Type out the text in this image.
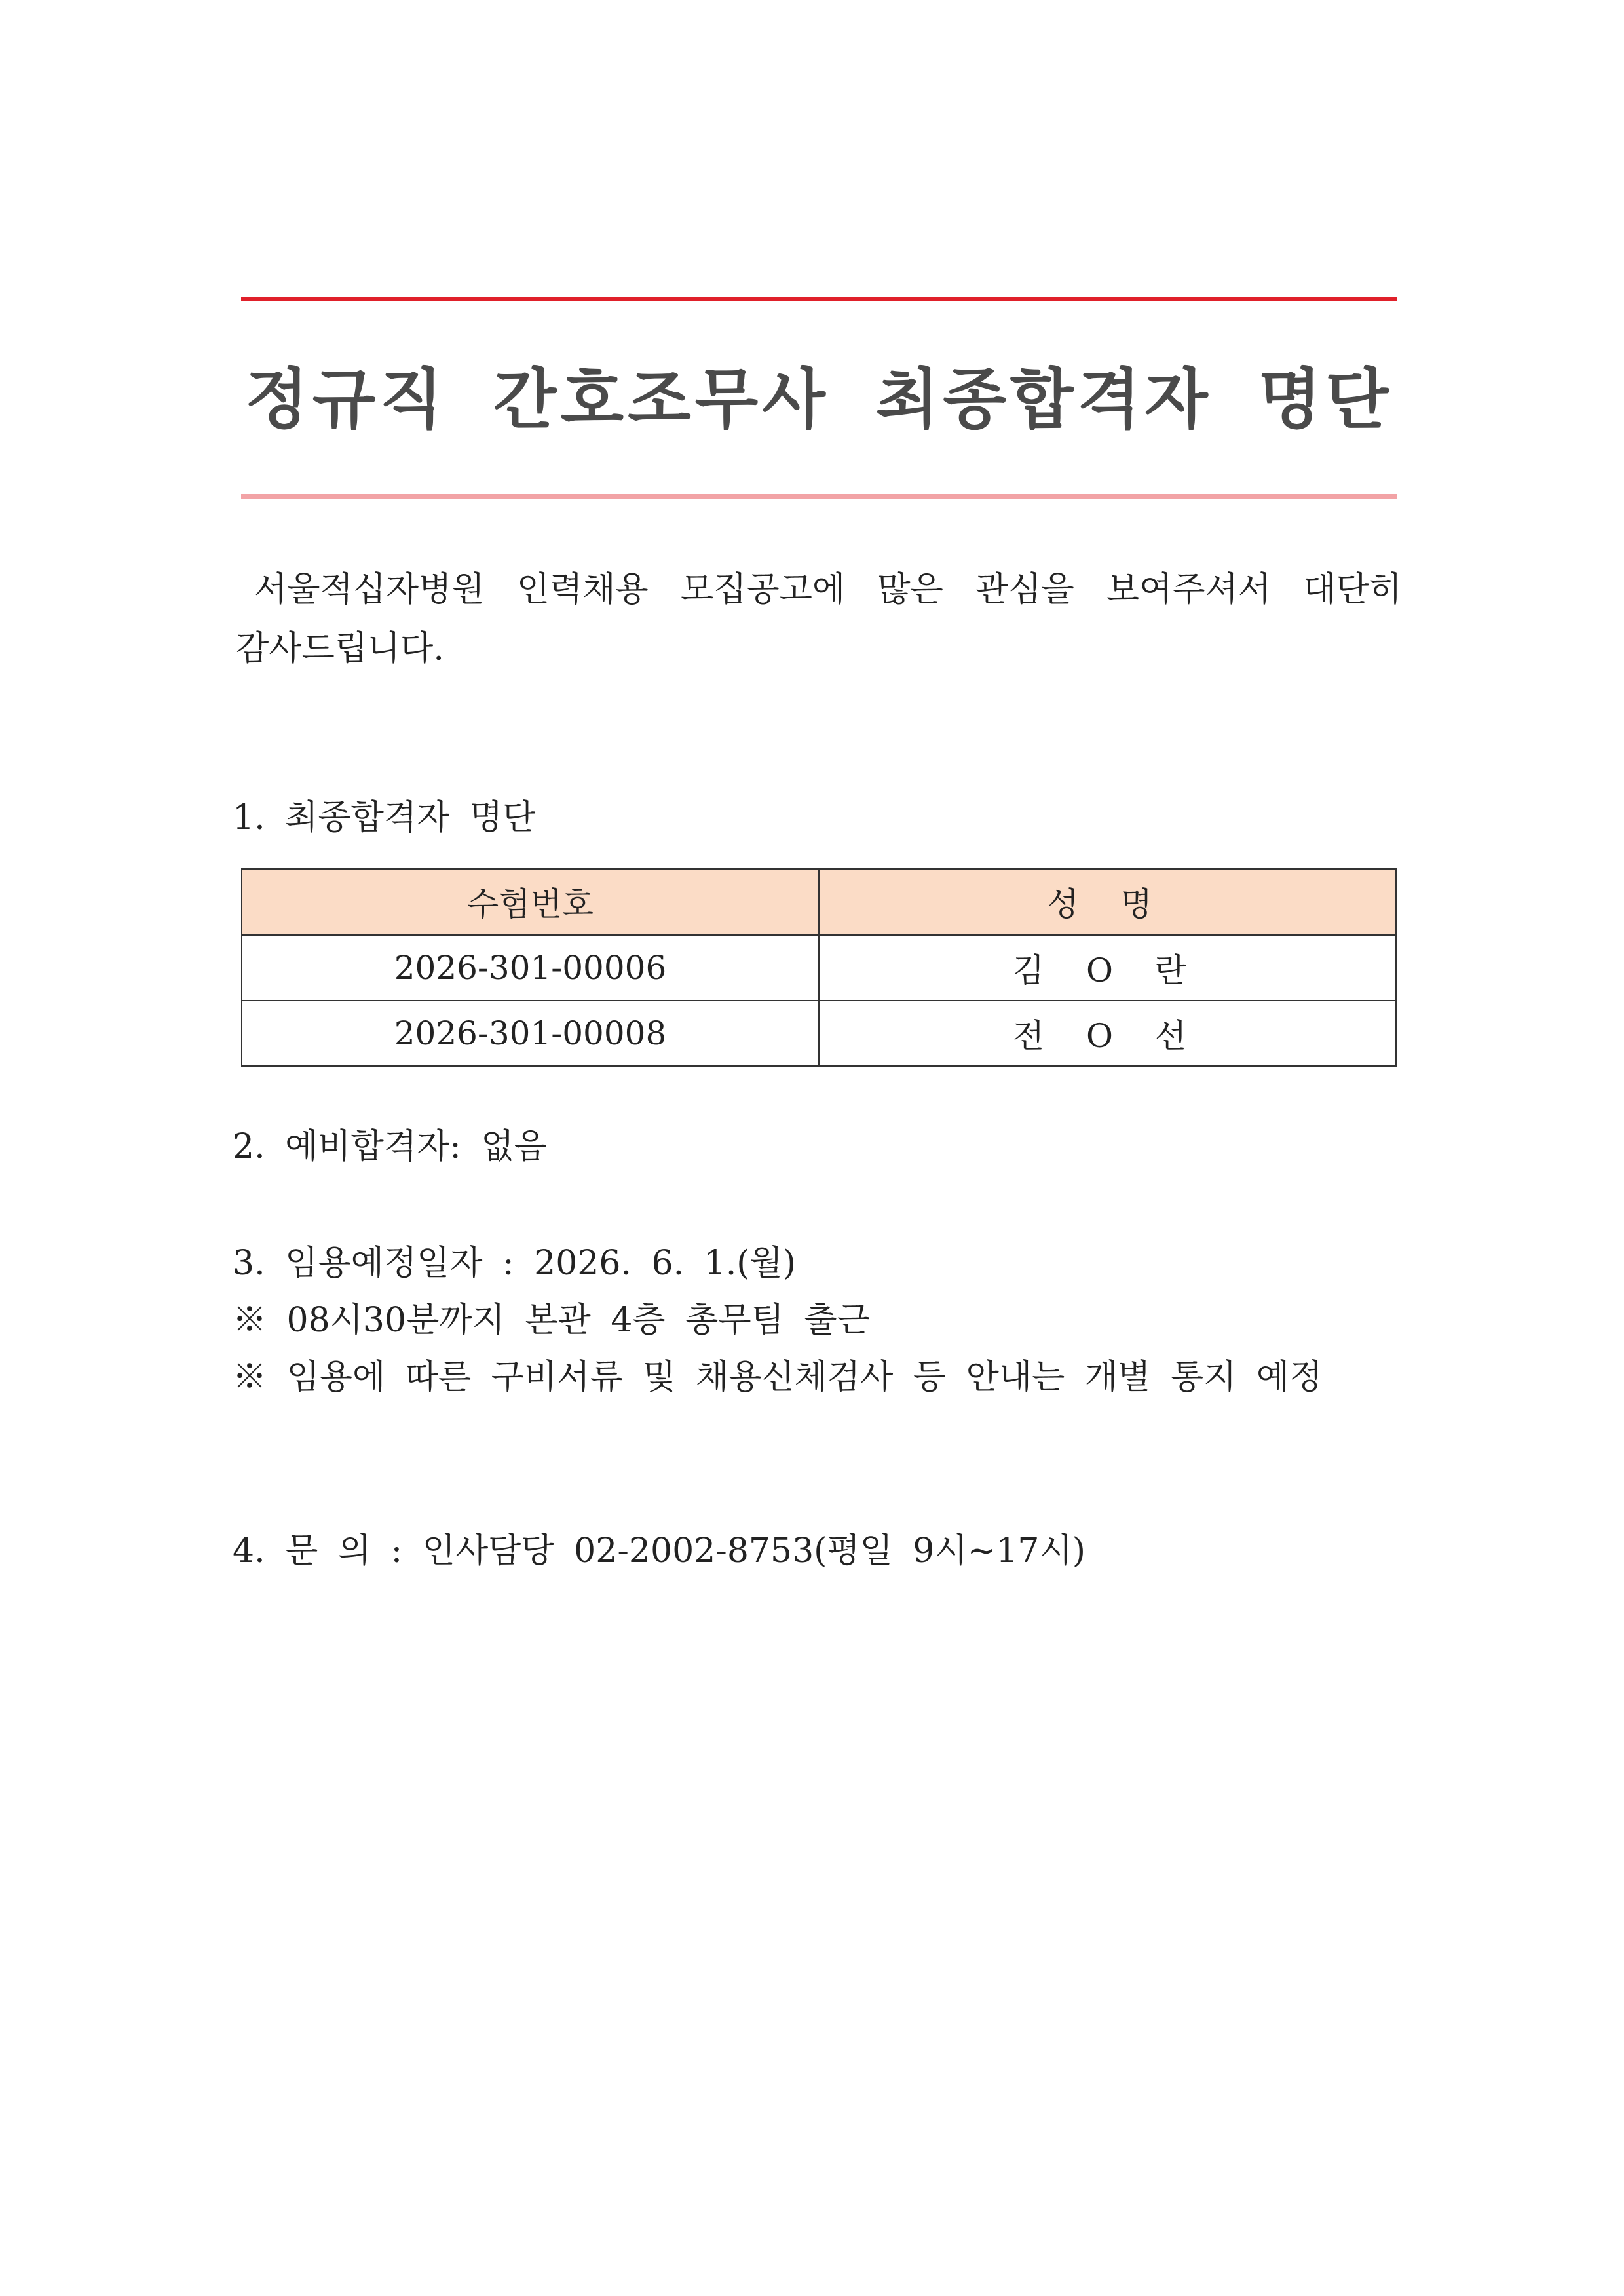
정규직 간호조무사 최종합격자 명단

서울적십자병원 인력채용 모집공고에 많은 관심을 보여주셔서 대단히 감사드립니다.

1. 최종합격자 명단
수험번호	성 명
2026-301-00006	김 O 란
2026-301-00008	전 O 선
2. 예비합격자: 없음
3. 임용예정일자 : 2026. 6. 1.(월)
※ 08시30분까지 본관 4층 총무팀 출근
※ 임용에 따른 구비서류 및 채용신체검사 등 안내는 개별 통지 예정
4. 문 의 : 인사담당 02-2002-8753(평일 9시~17시)
